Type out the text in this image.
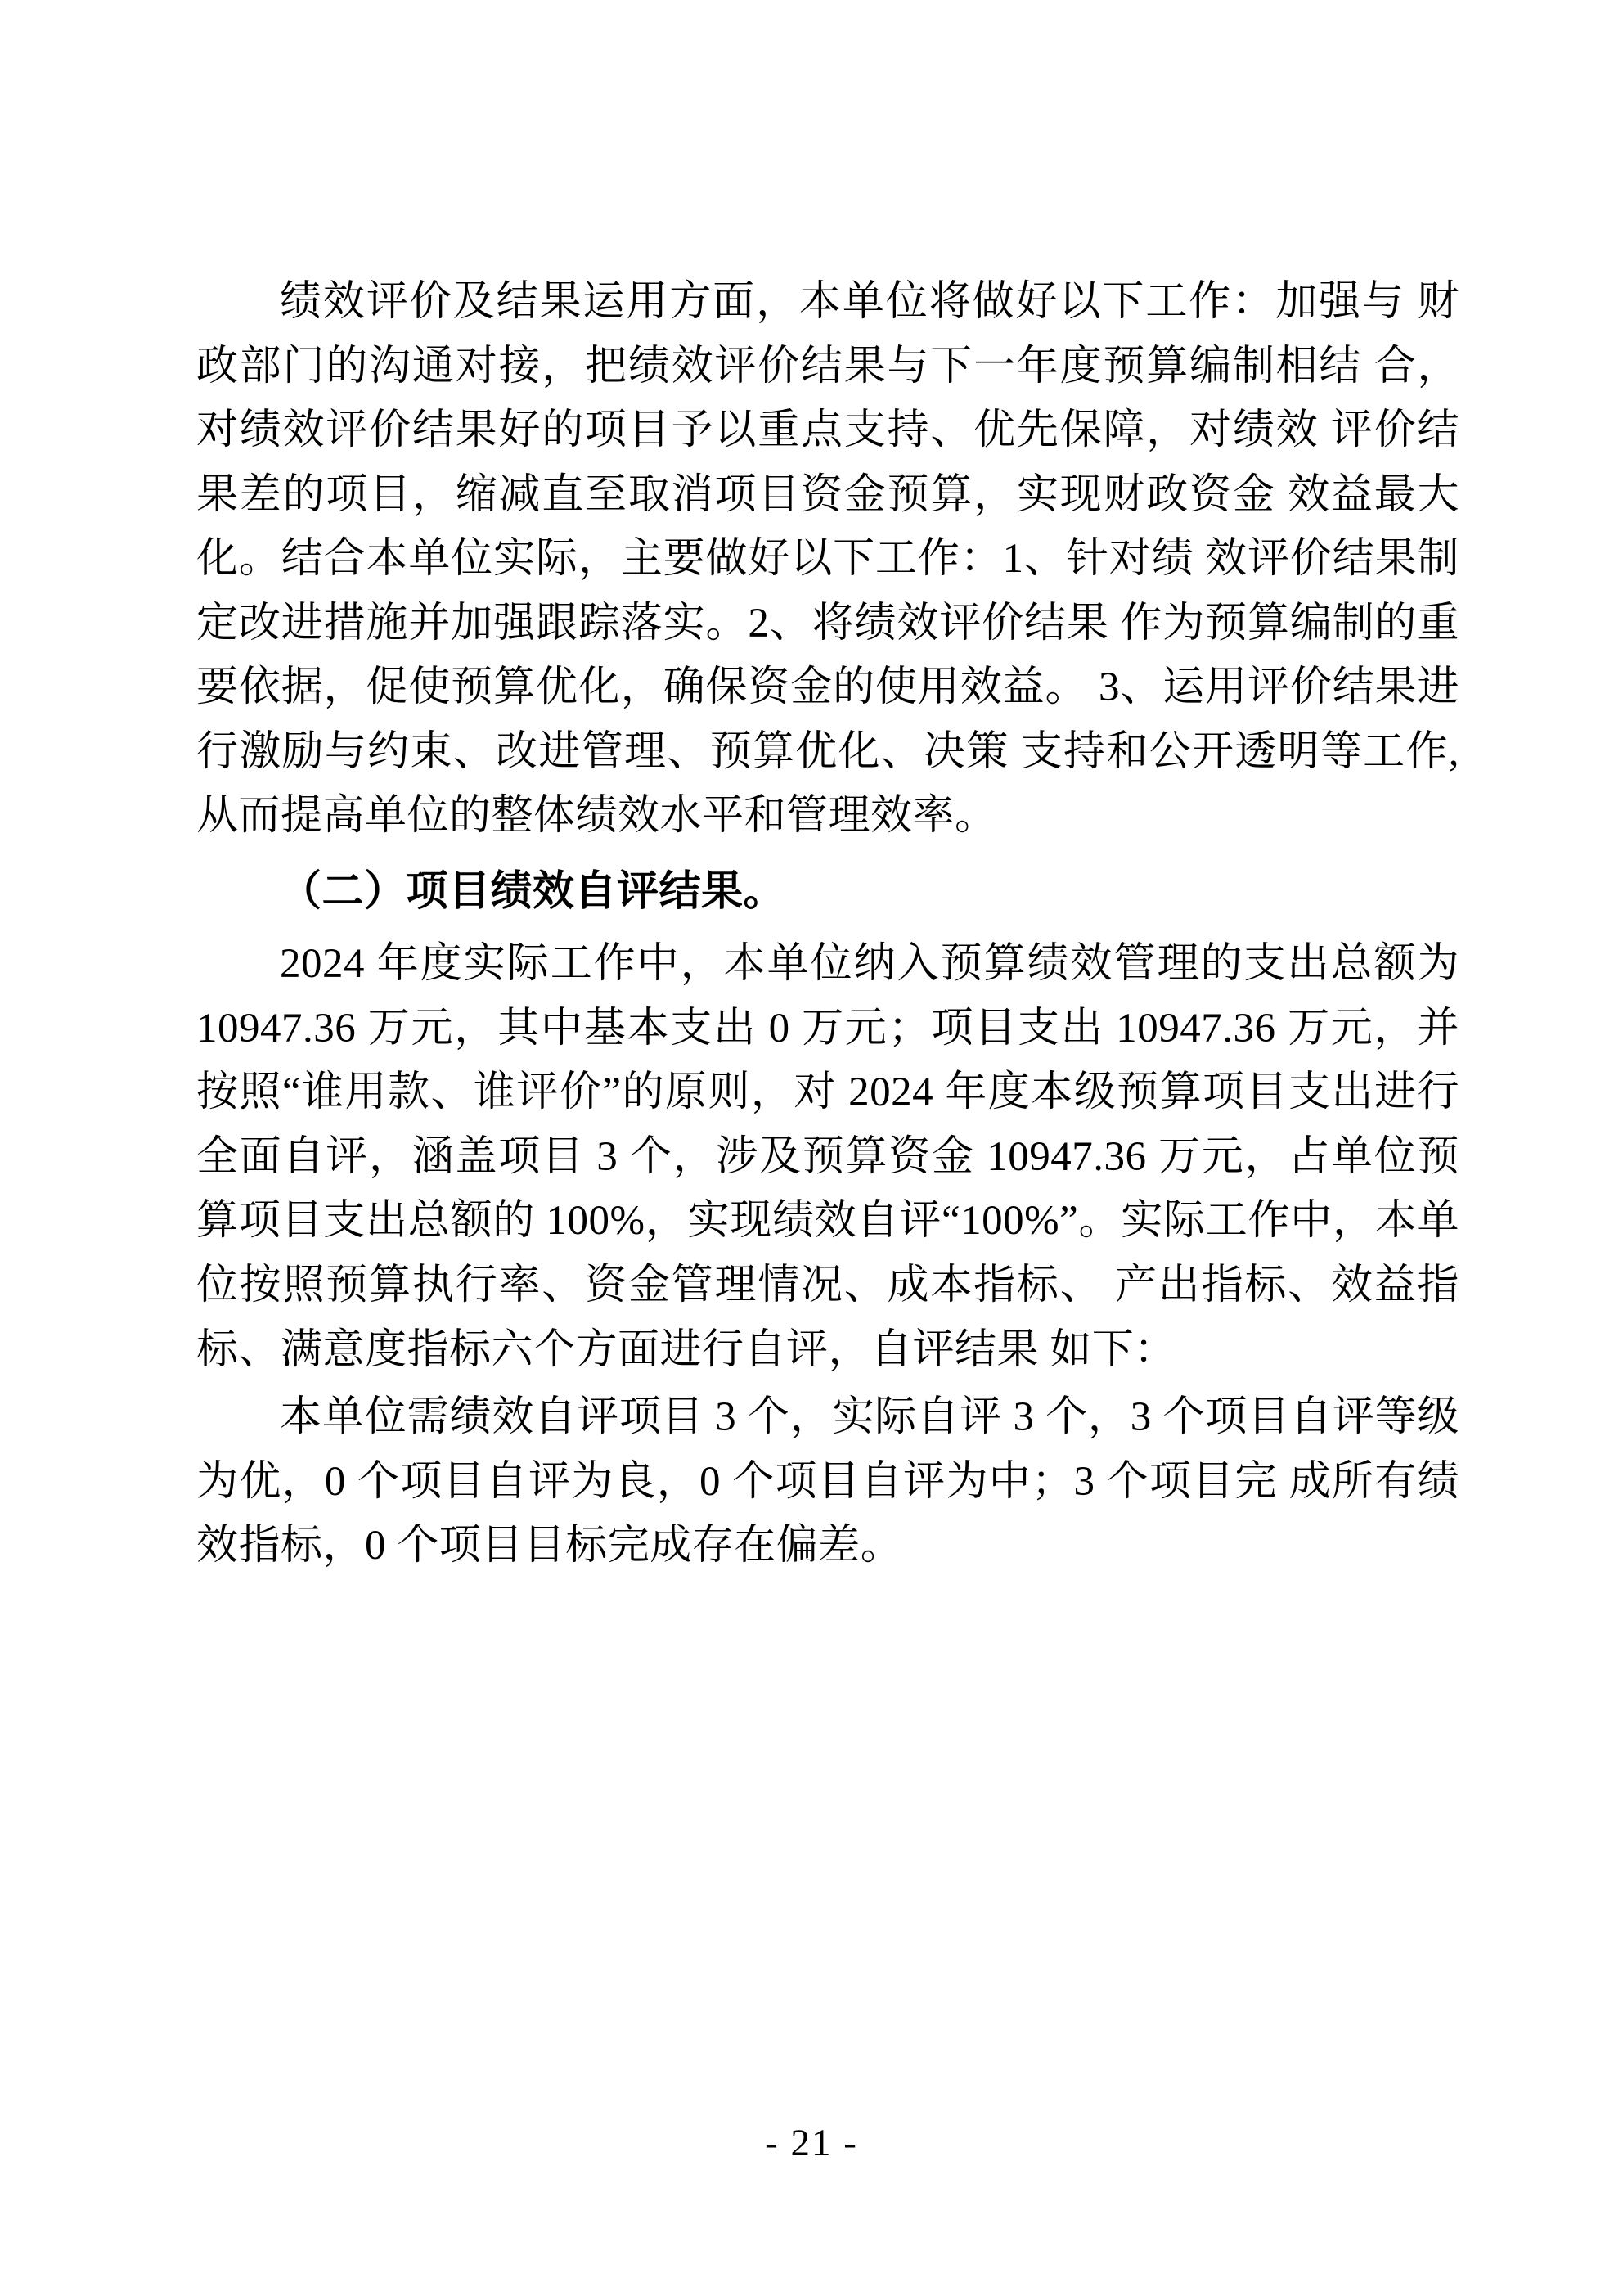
绩效评价及结果运用方面，本单位将做好以下工作：加强与 财政部门的沟通对接，把绩效评价结果与下一年度预算编制相结 合，对绩效评价结果好的项目予以重点支持、优先保障，对绩效 评价结果差的项目，缩减直至取消项目资金预算，实现财政资金 效益最大化。结合本单位实际，主要做好以下工作：1、针对绩 效评价结果制定改进措施并加强跟踪落实。2、将绩效评价结果 作为预算编制的重要依据，促使预算优化，确保资金的使用效益。 3、运用评价结果进行激励与约束、改进管理、预算优化、决策 支持和公开透明等工作,从而提高单位的整体绩效水平和管理效率。

（二）项目绩效自评结果。

2024 年度实际工作中，本单位纳入预算绩效管理的支出总额为 10947.36 万元，其中基本支出 0 万元；项目支出 10947.36 万元，并按照“谁用款、谁评价”的原则，对 2024 年度本级预算项目支出进行全面自评，涵盖项目 3 个，涉及预算资金 10947.36 万元，占单位预算项目支出总额的 100%，实现绩效自评“100%”。实际工作中，本单位按照预算执行率、资金管理情况、成本指标、 产出指标、效益指标、满意度指标六个方面进行自评，自评结果 如下：

本单位需绩效自评项目 3 个，实际自评 3 个，3 个项目自评等级为优，0 个项目自评为良，0 个项目自评为中；3 个项目完 成所有绩效指标，0 个项目目标完成存在偏差。

- 21 -
